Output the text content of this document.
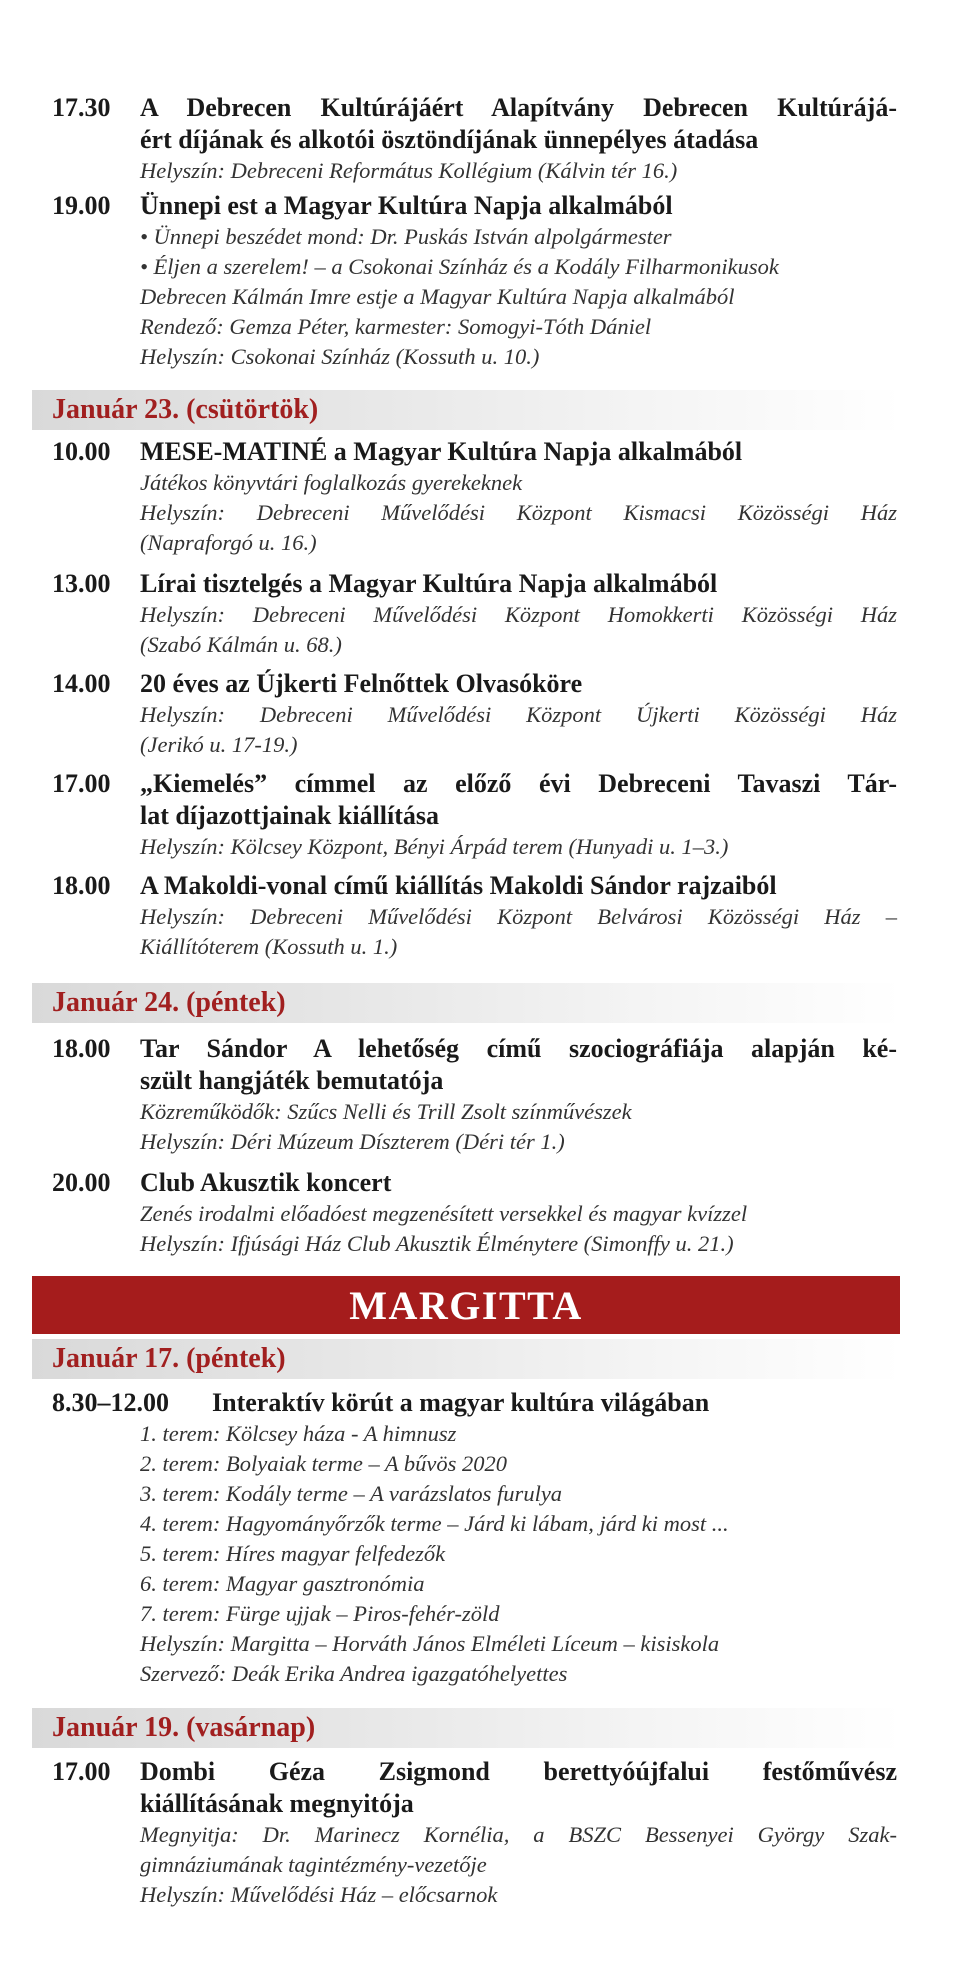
17.30	A Debrecen Kultúrájáért Alapítvány Debrecen Kultúrájá-
ért díjának és alkotói ösztöndíjának ünnepélyes átadása
Helyszín: Debreceni Református Kollégium (Kálvin tér 16.)
19.00	Ünnepi est a Magyar Kultúra Napja alkalmából
• Ünnepi beszédet mond: Dr. Puskás István alpolgármester
• Éljen a szerelem! – a Csokonai Színház és a Kodály Filharmonikusok
Debrecen Kálmán Imre estje a Magyar Kultúra Napja alkalmából
Rendező: Gemza Péter, karmester: Somogyi-Tóth Dániel
Helyszín: Csokonai Színház (Kossuth u. 10.)
Január 23. (csütörtök)
10.00	MESE-MATINÉ a Magyar Kultúra Napja alkalmából
Játékos könyvtári foglalkozás gyerekeknek
Helyszín: Debreceni Művelődési Központ Kismacsi Közösségi Ház
(Napraforgó u. 16.)
13.00	Lírai tisztelgés a Magyar Kultúra Napja alkalmából
Helyszín: Debreceni Művelődési Központ Homokkerti Közösségi Ház
(Szabó Kálmán u. 68.)
14.00	20 éves az Újkerti Felnőttek Olvasóköre
Helyszín: Debreceni Művelődési Központ Újkerti Közösségi Ház
(Jerikó u. 17-19.)
17.00	„Kiemelés” címmel az előző évi Debreceni Tavaszi Tár-
lat díjazottjainak kiállítása
Helyszín: Kölcsey Központ, Bényi Árpád terem (Hunyadi u. 1–3.)
18.00	A Makoldi-vonal című kiállítás Makoldi Sándor rajzaiból
Helyszín: Debreceni Művelődési Központ Belvárosi Közösségi Ház –
Kiállítóterem (Kossuth u. 1.)
Január 24. (péntek)
18.00	Tar Sándor A lehetőség című szociográfiája alapján ké-
szült hangjáték bemutatója
Közreműködők: Szűcs Nelli és Trill Zsolt színművészek
Helyszín: Déri Múzeum Díszterem (Déri tér 1.)
20.00	Club Akusztik koncert
Zenés irodalmi előadóest megzenésített versekkel és magyar kvízzel
Helyszín: Ifjúsági Ház Club Akusztik Élménytere (Simonffy u. 21.)
MARGITTA
Január 17. (péntek)
8.30–12.00	Interaktív körút a magyar kultúra világában
1. terem: Kölcsey háza - A himnusz
2. terem: Bolyaiak terme – A bűvös 2020
3. terem: Kodály terme – A varázslatos furulya
4. terem: Hagyományőrzők terme – Járd ki lábam, járd ki most ...
5. terem: Híres magyar felfedezők
6. terem: Magyar gasztronómia
7. terem: Fürge ujjak – Piros-fehér-zöld
Helyszín: Margitta – Horváth János Elméleti Líceum – kisiskola
Szervező: Deák Erika Andrea igazgatóhelyettes
Január 19. (vasárnap)
17.00	Dombi Géza Zsigmond berettyóújfalui festőművész
kiállításának megnyitója
Megnyitja: Dr. Marinecz Kornélia, a BSZC Bessenyei György Szak-
gimnáziumának tagintézmény-vezetője
Helyszín: Művelődési Ház – előcsarnok
